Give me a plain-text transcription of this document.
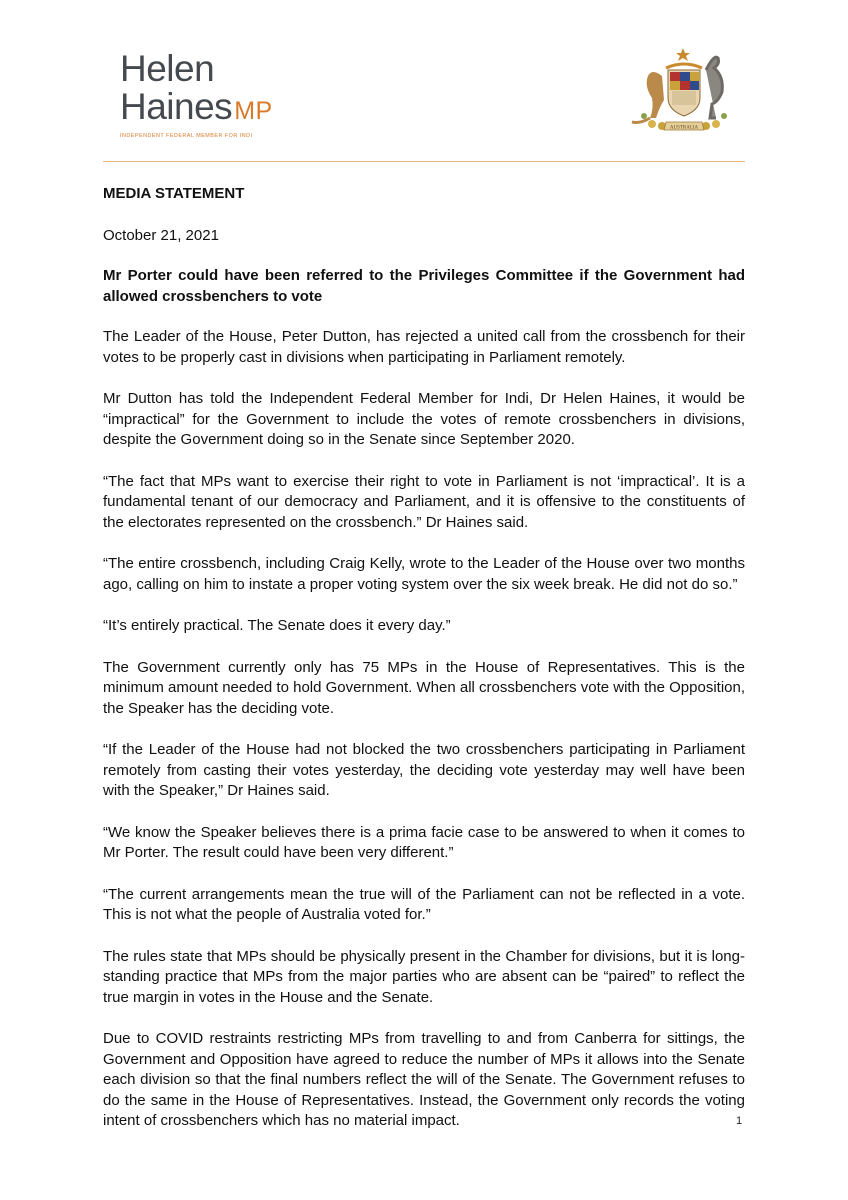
Helen
Haines MP
INDEPENDENT FEDERAL MEMBER FOR INDI
AUSTRALIA

MEDIA STATEMENT

October 21, 2021

Mr Porter could have been referred to the Privileges Committee if the Government had allowed crossbenchers to vote

The Leader of the House, Peter Dutton, has rejected a united call from the crossbench for their votes to be properly cast in divisions when participating in Parliament remotely.

Mr Dutton has told the Independent Federal Member for Indi, Dr Helen Haines, it would be “impractical” for the Government to include the votes of remote crossbenchers in divisions, despite the Government doing so in the Senate since September 2020.

“The fact that MPs want to exercise their right to vote in Parliament is not ‘impractical’. It is a fundamental tenant of our democracy and Parliament, and it is offensive to the constituents of the electorates represented on the crossbench.” Dr Haines said.

“The entire crossbench, including Craig Kelly, wrote to the Leader of the House over two months ago, calling on him to instate a proper voting system over the six week break. He did not do so.”

“It’s entirely practical. The Senate does it every day.”

The Government currently only has 75 MPs in the House of Representatives. This is the minimum amount needed to hold Government. When all crossbenchers vote with the Opposition, the Speaker has the deciding vote.

“If the Leader of the House had not blocked the two crossbenchers participating in Parliament remotely from casting their votes yesterday, the deciding vote yesterday may well have been with the Speaker,” Dr Haines said.

“We know the Speaker believes there is a prima facie case to be answered to when it comes to Mr Porter. The result could have been very different.”

“The current arrangements mean the true will of the Parliament can not be reflected in a vote. This is not what the people of Australia voted for.”

The rules state that MPs should be physically present in the Chamber for divisions, but it is long-standing practice that MPs from the major parties who are absent can be “paired” to reflect the true margin in votes in the House and the Senate.

Due to COVID restraints restricting MPs from travelling to and from Canberra for sittings, the Government and Opposition have agreed to reduce the number of MPs it allows into the Senate each division so that the final numbers reflect the will of the Senate. The Government refuses to do the same in the House of Representatives. Instead, the Government only records the voting intent of crossbenchers which has no material impact.	1
